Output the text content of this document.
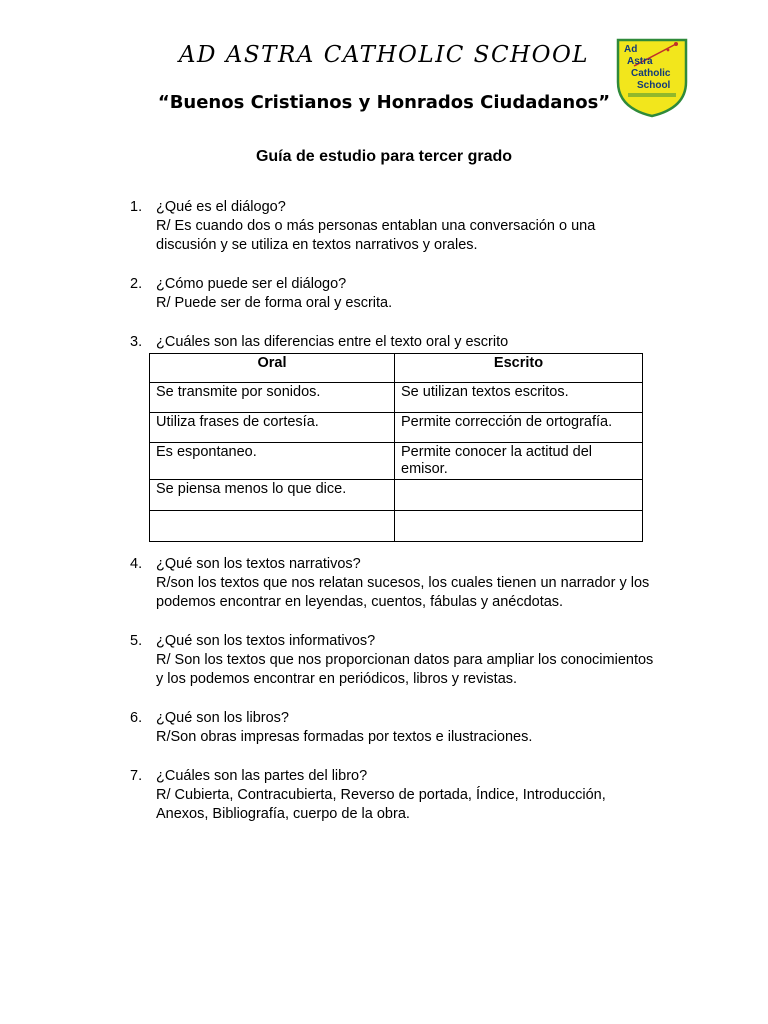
AD ASTRA CATHOLIC SCHOOL	Ad
Astra
Catholic
School
“Buenos Cristianos y Honrados Ciudadanos”
Guía de estudio para tercer grado
1. ¿Qué es el diálogo?
R/ Es cuando dos o más personas entablan una conversación o una discusión y se utiliza en textos narrativos y orales.
2. ¿Cómo puede ser el diálogo?
R/ Puede ser de forma oral y escrita.
3. ¿Cuáles son las diferencias entre el texto oral y escrito
Oral	Escrito
Se transmite por sonidos.	Se utilizan textos escritos.
Utiliza frases de cortesía.	Permite corrección de ortografía.
Es espontaneo.	Permite conocer la actitud del emisor.
Se piensa menos lo que dice.	

4. ¿Qué son los textos narrativos?
R/son los textos que nos relatan sucesos, los cuales tienen un narrador y los podemos encontrar en leyendas, cuentos, fábulas y anécdotas.
5. ¿Qué son los textos informativos?
R/ Son los textos que nos proporcionan datos para ampliar los conocimientos y los podemos encontrar en periódicos, libros y revistas.
6. ¿Qué son los libros?
R/Son obras impresas formadas por textos e ilustraciones.
7. ¿Cuáles son las partes del libro?
R/ Cubierta, Contracubierta, Reverso de portada, Índice, Introducción, Anexos, Bibliografía, cuerpo de la obra.
